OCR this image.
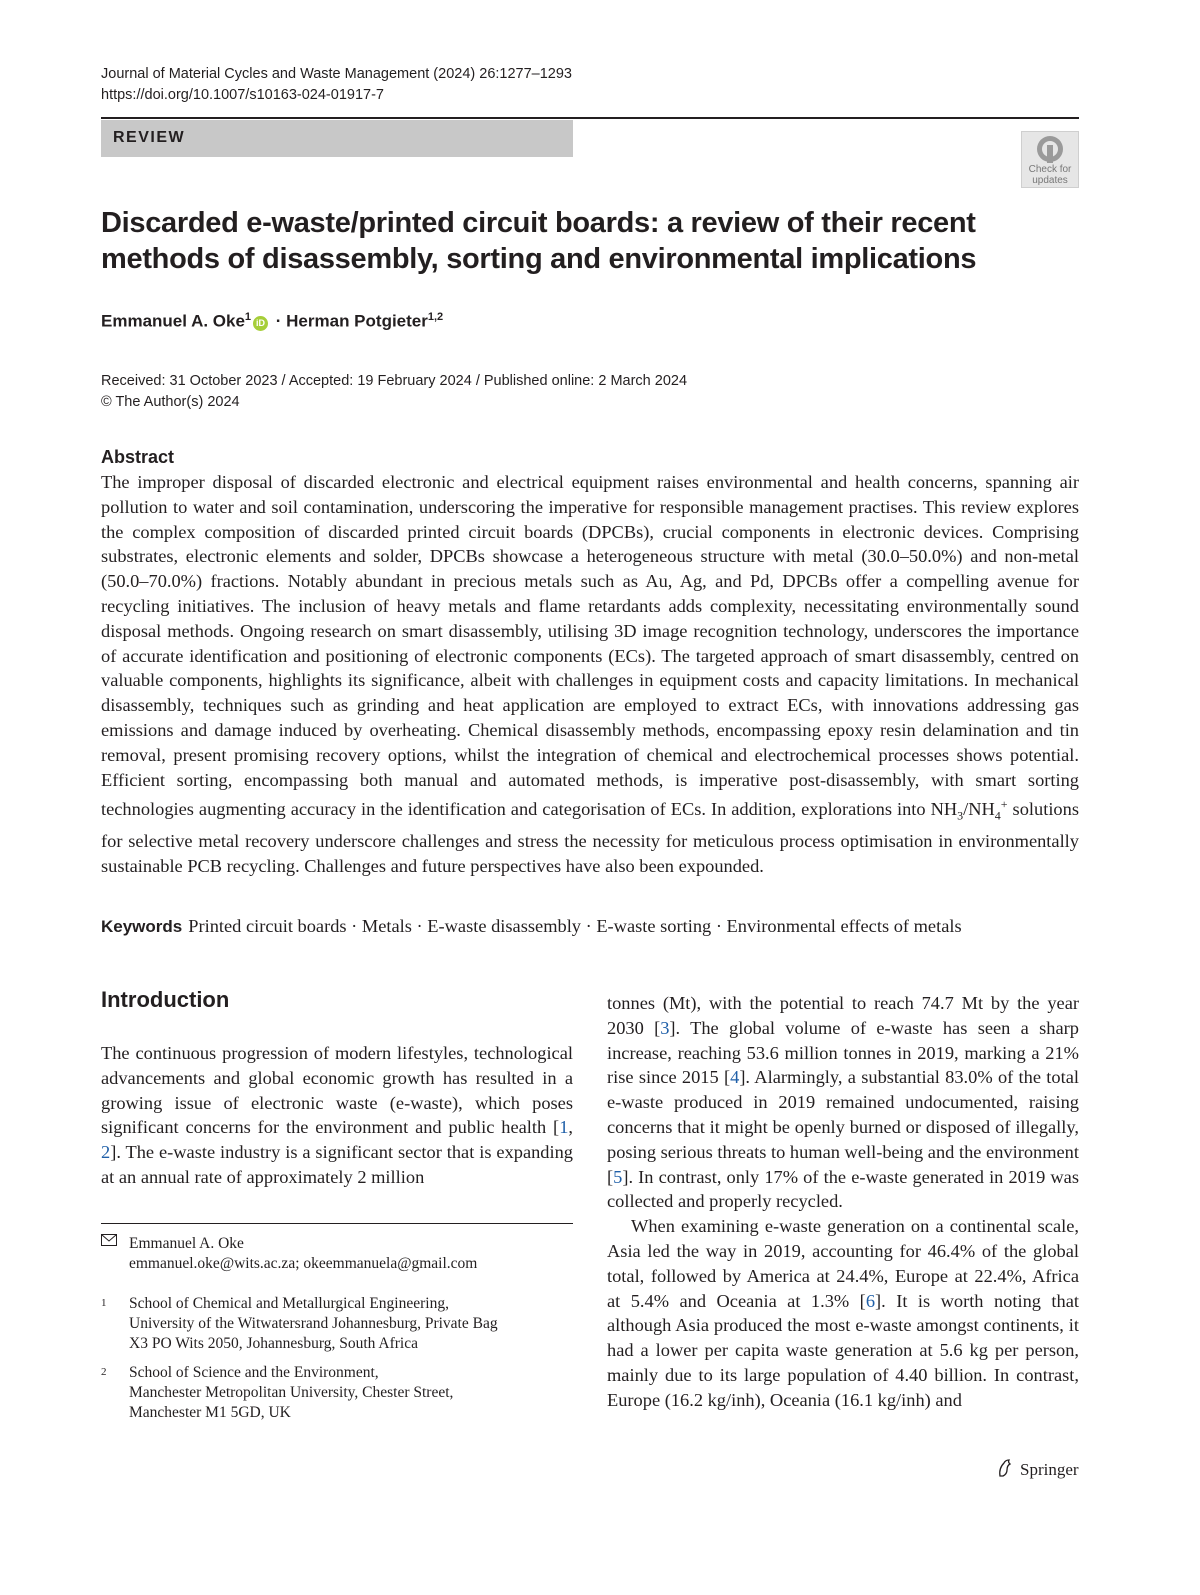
Journal of Material Cycles and Waste Management (2024) 26:1277–1293
https://doi.org/10.1007/s10163-024-01917-7
REVIEW
Check for
updates
Discarded e-waste/printed circuit boards: a review of their recent
methods of disassembly, sorting and environmental implications
Emmanuel A. Oke$^1$ iD · Herman Potgieter$^{1,2}$
Received: 31 October 2023 / Accepted: 19 February 2024 / Published online: 2 March 2024
© The Author(s) 2024
Abstract
The improper disposal of discarded electronic and electrical equipment raises environmental and health concerns, spanning air pollution to water and soil contamination, underscoring the imperative for responsible management practises. This review explores the complex composition of discarded printed circuit boards (DPCBs), crucial components in electronic devices. Comprising substrates, electronic elements and solder, DPCBs showcase a heterogeneous structure with metal (30.0–50.0%) and non-metal (50.0–70.0%) fractions. Notably abundant in precious metals such as Au, Ag, and Pd, DPCBs offer a compelling avenue for recycling initiatives. The inclusion of heavy metals and flame retardants adds complexity, necessitating environmentally sound disposal methods. Ongoing research on smart disassembly, utilising 3D image recognition technology, underscores the importance of accurate identification and positioning of electronic components (ECs). The targeted approach of smart disassembly, centred on valuable components, highlights its significance, albeit with challenges in equipment costs and capacity limitations. In mechanical disassembly, techniques such as grinding and heat application are employed to extract ECs, with innovations addressing gas emissions and damage induced by overheating. Chemical disassembly methods, encompassing epoxy resin delamination and tin removal, present promising recovery options, whilst the integration of chemical and electrochemical processes shows potential. Efficient sorting, encompassing both manual and automated methods, is imperative post-disassembly, with smart sorting technologies augmenting accuracy in the identification and categorisation of ECs. In addition, explorations into $NH_3/NH_4^+$ solutions for selective metal recovery underscore challenges and stress the necessity for meticulous process optimisation in environmentally sustainable PCB recycling. Challenges and future perspectives have also been expounded.
Keywords Printed circuit boards · Metals · E-waste disassembly · E-waste sorting · Environmental effects of metals
Introduction
The continuous progression of modern lifestyles, technological advancements and global economic growth has resulted in a growing issue of electronic waste (e-waste), which poses significant concerns for the environment and public health [1, 2]. The e-waste industry is a significant sector that is expanding at an annual rate of approximately 2 million

tonnes (Mt), with the potential to reach 74.7 Mt by the year 2030 [3]. The global volume of e-waste has seen a sharp increase, reaching 53.6 million tonnes in 2019, marking a 21% rise since 2015 [4]. Alarmingly, a substantial 83.0% of the total e-waste produced in 2019 remained undocumented, raising concerns that it might be openly burned or disposed of illegally, posing serious threats to human well-being and the environment [5]. In contrast, only 17% of the e-waste generated in 2019 was collected and properly recycled.

When examining e-waste generation on a continental scale, Asia led the way in 2019, accounting for 46.4% of the global total, followed by America at 24.4%, Europe at 22.4%, Africa at 5.4% and Oceania at 1.3% [6]. It is worth noting that although Asia produced the most e-waste amongst continents, it had a lower per capita waste generation at 5.6 kg per person, mainly due to its large population of 4.40 billion. In contrast, Europe (16.2 kg/inh), Oceania (16.1 kg/inh) and

Emmanuel A. Oke
emmanuel.oke@wits.ac.za; okeemmanuela@gmail.com
1	School of Chemical and Metallurgical Engineering,
University of the Witwatersrand Johannesburg, Private Bag
X3 PO Wits 2050, Johannesburg, South Africa
2	School of Science and the Environment,
Manchester Metropolitan University, Chester Street,
Manchester M1 5GD, UK
Springer
